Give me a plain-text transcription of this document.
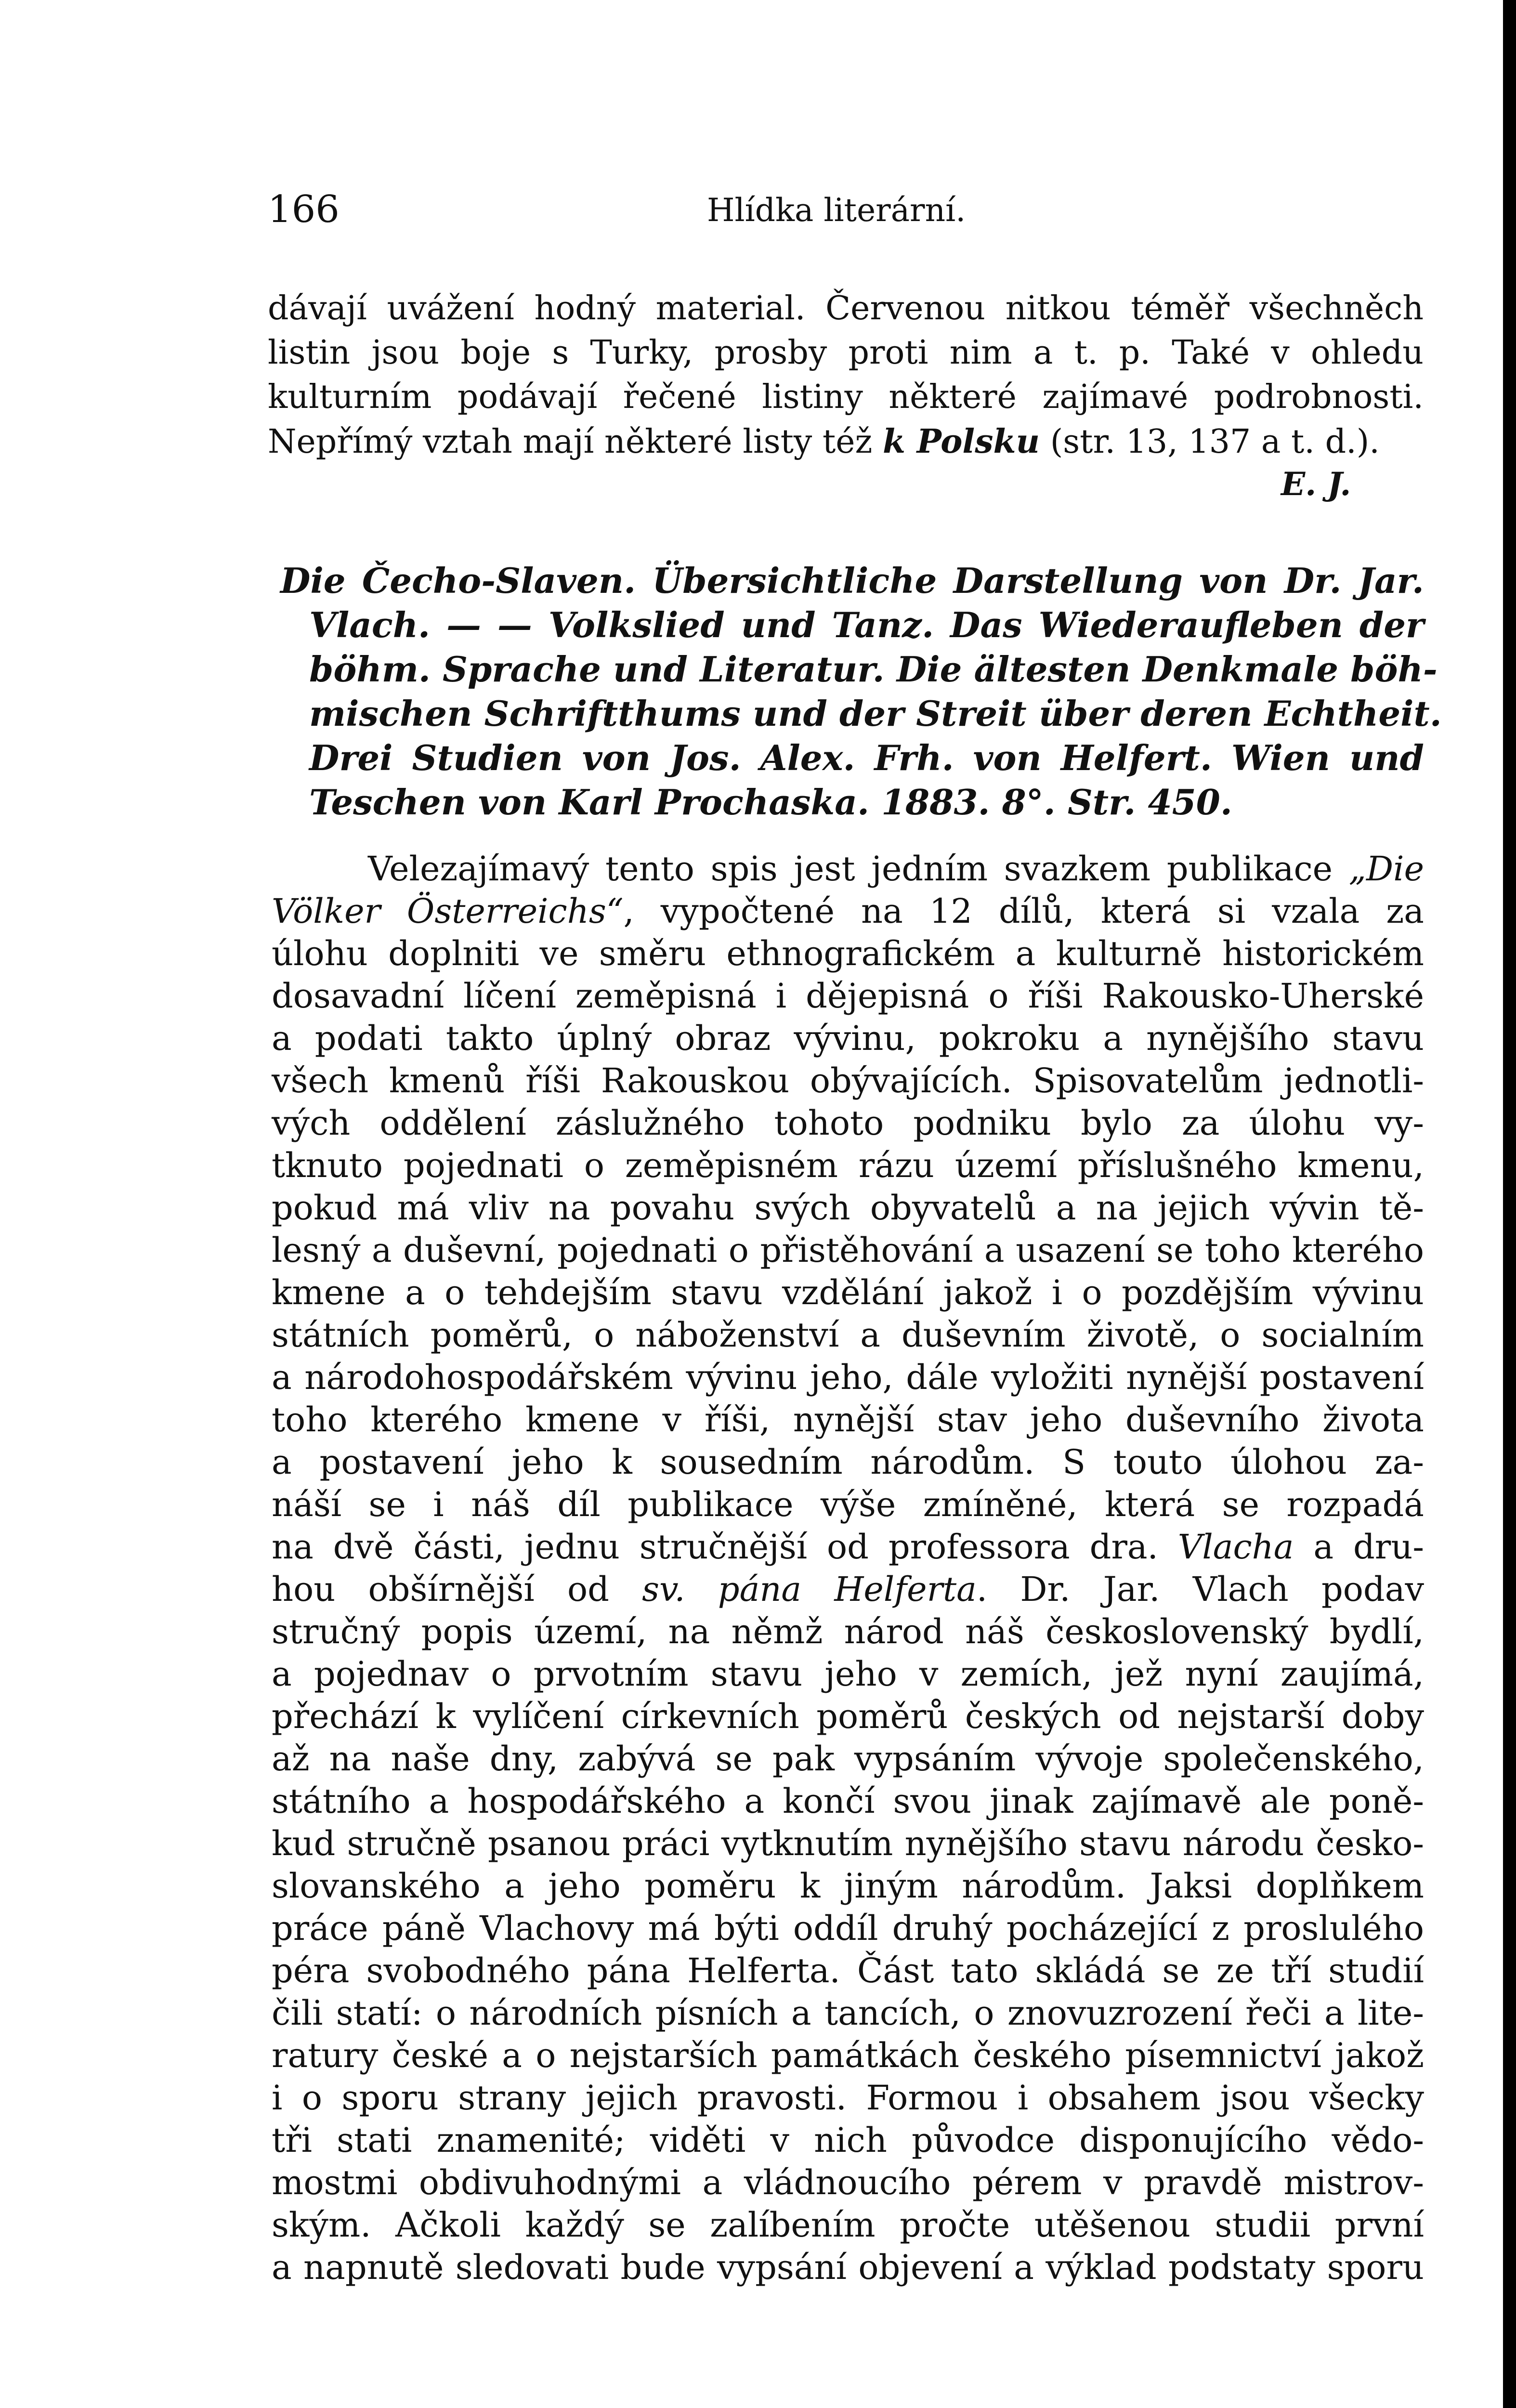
166	Hlídka literární.
dávají uvážení hodný material. Červenou nitkou téměř všechněch
listin jsou boje s Turky, prosby proti nim a t. p. Také v ohledu
kulturním podávají řečené listiny některé zajímavé podrobnosti.
Nepřímý vztah mají některé listy též k Polsku (str. 13, 137 a t. d.).
E. J.
Die Čecho-Slaven. Übersichtliche Darstellung von Dr. Jar.
Vlach. — — Volkslied und Tanz. Das Wiederaufleben der
böhm. Sprache und Literatur. Die ältesten Denkmale böh-
mischen Schriftthums und der Streit über deren Echtheit.
Drei Studien von Jos. Alex. Frh. von Helfert. Wien und
Teschen von Karl Prochaska. 1883. 8°. Str. 450.
Velezajímavý tento spis jest jedním svazkem publikace „Die
Völker Österreichs“, vypočtené na 12 dílů, která si vzala za
úlohu doplniti ve směru ethnografickém a kulturně historickém
dosavadní líčení zeměpisná i dějepisná o říši Rakousko-Uherské
a podati takto úplný obraz vývinu, pokroku a nynějšího stavu
všech kmenů říši Rakouskou obývajících. Spisovatelům jednotli-
vých oddělení záslužného tohoto podniku bylo za úlohu vy-
tknuto pojednati o zeměpisném rázu území příslušného kmenu,
pokud má vliv na povahu svých obyvatelů a na jejich vývin tě-
lesný a duševní, pojednati o přistěhování a usazení se toho kterého
kmene a o tehdejším stavu vzdělání jakož i o pozdějším vývinu
státních poměrů, o náboženství a duševním životě, o socialním
a národohospodářském vývinu jeho, dále vyložiti nynější postavení
toho kterého kmene v říši, nynější stav jeho duševního života
a postavení jeho k sousedním národům. S touto úlohou za-
náší se i náš díl publikace výše zmíněné, která se rozpadá
na dvě části, jednu stručnější od professora dra. Vlacha a dru-
hou obšírnější od sv. pána Helferta. Dr. Jar. Vlach podav
stručný popis území, na němž národ náš československý bydlí,
a pojednav o prvotním stavu jeho v zemích, jež nyní zaujímá,
přechází k vylíčení církevních poměrů českých od nejstarší doby
až na naše dny, zabývá se pak vypsáním vývoje společenského,
státního a hospodářského a končí svou jinak zajímavě ale poně-
kud stručně psanou práci vytknutím nynějšího stavu národu česko-
slovanského a jeho poměru k jiným národům. Jaksi doplňkem
práce páně Vlachovy má býti oddíl druhý pocházející z proslulého
péra svobodného pána Helferta. Část tato skládá se ze tří studií
čili statí: o národních písních a tancích, o znovuzrození řeči a lite-
ratury české a o nejstarších památkách českého písemnictví jakož
i o sporu strany jejich pravosti. Formou i obsahem jsou všecky
tři stati znamenité; viděti v nich původce disponujícího vědo-
mostmi obdivuhodnými a vládnoucího pérem v pravdě mistrov-
ským. Ačkoli každý se zalíbením pročte utěšenou studii první
a napnutě sledovati bude vypsání objevení a výklad podstaty sporu
